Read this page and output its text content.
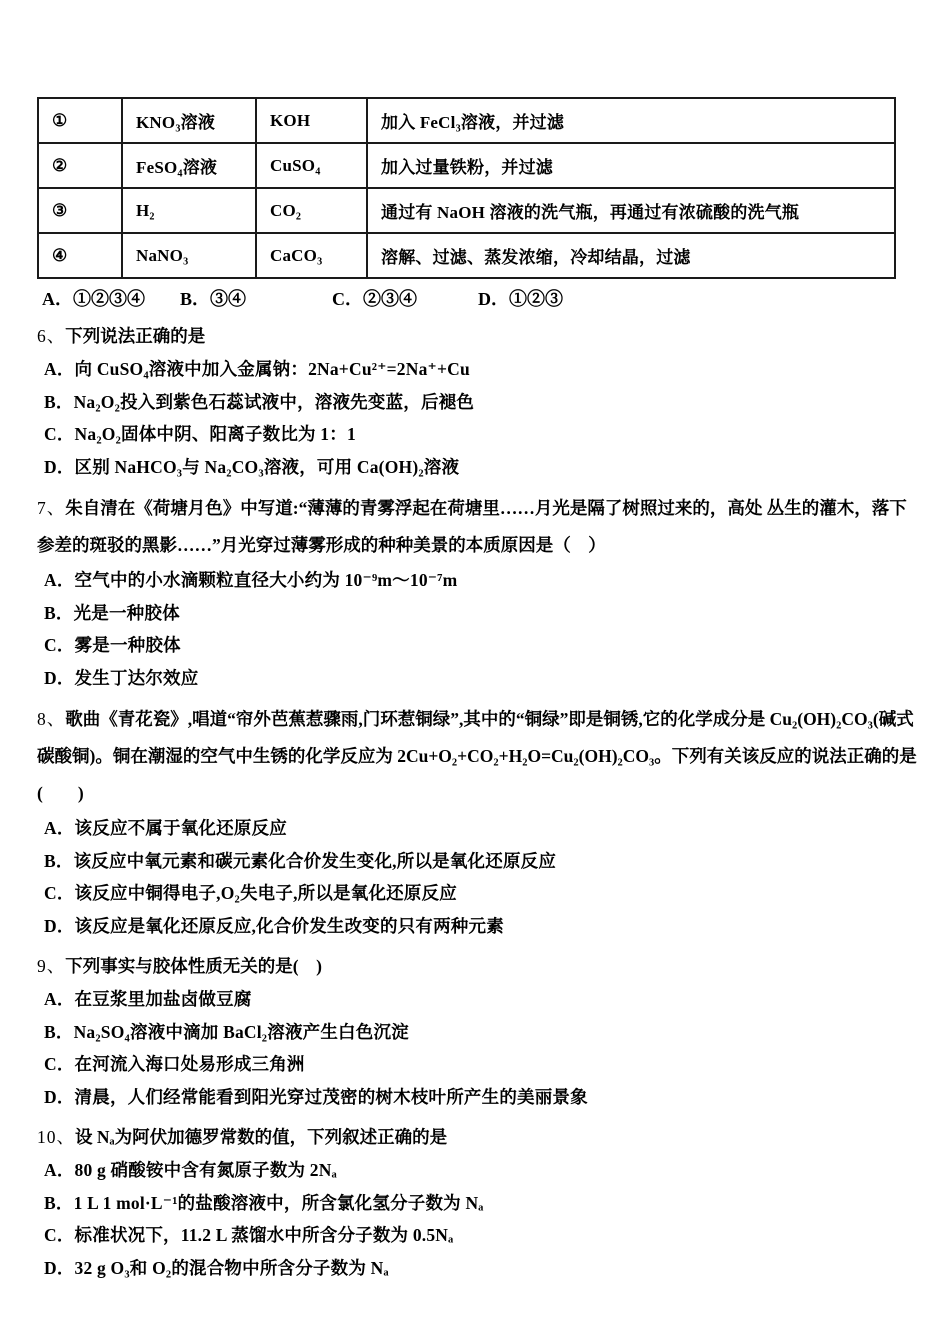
①	KNO₃溶液	KOH	加入 FeCl₃溶液，并过滤
②	FeSO₄溶液	CuSO₄	加入过量铁粉，并过滤
③	H₂	CO₂	通过有 NaOH 溶液的洗气瓶，再通过有浓硫酸的洗气瓶
④	NaNO₃	CaCO₃	溶解、过滤、蒸发浓缩，冷却结晶，过滤
A．①②③④	B．③④	C．②③④	D．①②③

6、下列说法正确的是

A．向 CuSO₄溶液中加入金属钠：2Na+Cu²⁺=2Na⁺+Cu

B．Na₂O₂投入到紫色石蕊试液中，溶液先变蓝，后褪色

C．Na₂O₂固体中阴、阳离子数比为 1：1

D．区别 NaHCO₃与 Na₂CO₃溶液，可用 Ca(OH)₂溶液

7、朱自清在《荷塘月色》中写道:“薄薄的青雾浮起在荷塘里……月光是隔了树照过来的，高处 丛生的灌木，落下参差的斑驳的黑影……”月光穿过薄雾形成的种种美景的本质原因是（　）

A．空气中的小水滴颗粒直径大小约为 10⁻⁹m～10⁻⁷m

B．光是一种胶体

C．雾是一种胶体

D．发生丁达尔效应

8、歌曲《青花瓷》,唱道“帘外芭蕉惹骤雨,门环惹铜绿”,其中的“铜绿”即是铜锈,它的化学成分是 Cu₂(OH)₂CO₃(碱式碳酸铜)。铜在潮湿的空气中生锈的化学反应为 2Cu+O₂+CO₂+H₂O=Cu₂(OH)₂CO₃。下列有关该反应的说法正确的是(　　)

A．该反应不属于氧化还原反应

B．该反应中氧元素和碳元素化合价发生变化,所以是氧化还原反应

C．该反应中铜得电子,O₂失电子,所以是氧化还原反应

D．该反应是氧化还原反应,化合价发生改变的只有两种元素

9、下列事实与胶体性质无关的是(　)

A．在豆浆里加盐卤做豆腐

B．Na₂SO₄溶液中滴加 BaCl₂溶液产生白色沉淀

C．在河流入海口处易形成三角洲

D．清晨，人们经常能看到阳光穿过茂密的树木枝叶所产生的美丽景象

10、设 Nₐ为阿伏加德罗常数的值，下列叙述正确的是

A．80 g 硝酸铵中含有氮原子数为 2Nₐ

B．1 L 1 mol·L⁻¹的盐酸溶液中，所含氯化氢分子数为 Nₐ

C．标准状况下，11.2 L 蒸馏水中所含分子数为 0.5Nₐ

D．32 g O₃和 O₂的混合物中所含分子数为 Nₐ
